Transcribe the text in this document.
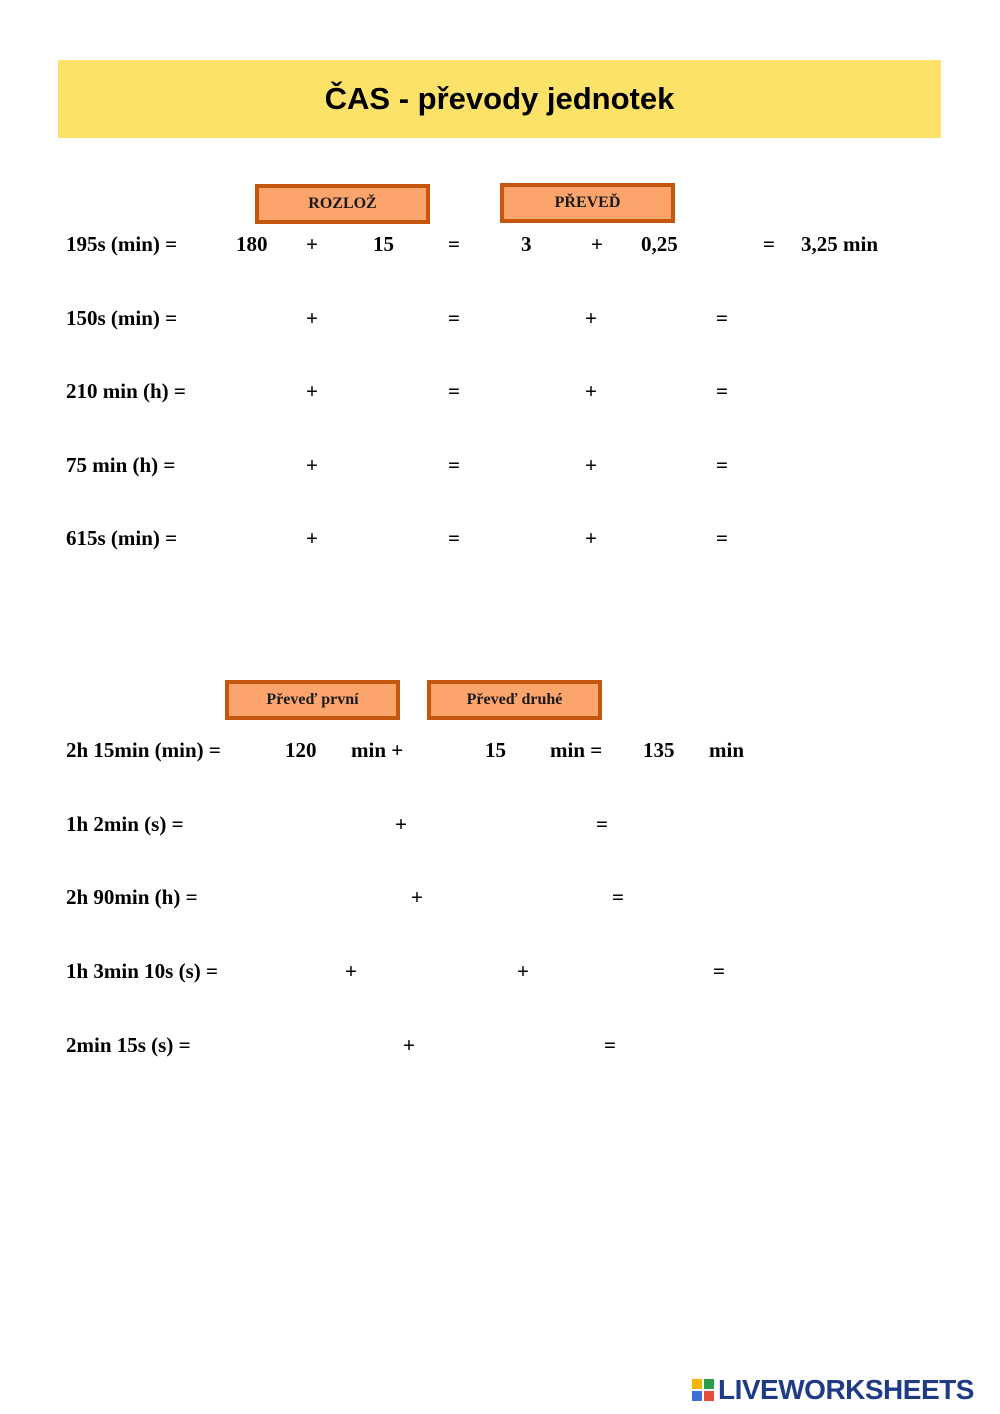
ČAS - převody jednotek
ROZLOŽ	PŘEVEĎ
195s (min) =	180 +	15	=	3	+ 0,25	= 3,25 min
150s (min) =	+	=	+	=
210 min (h) =	+	=	+	=
75 min (h) =	+	=	+	=
615s (min) =	+	=	+	=
Převeď první	Převeď druhé
2h 15min (min) =	120 min +	15 min = 135 min
1h 2min (s) =	+	=
2h 90min (h) =	+	=
1h 3min 10s (s) =	+	+	=
2min 15s (s) =	+	=
LIVEWORKSHEETS
